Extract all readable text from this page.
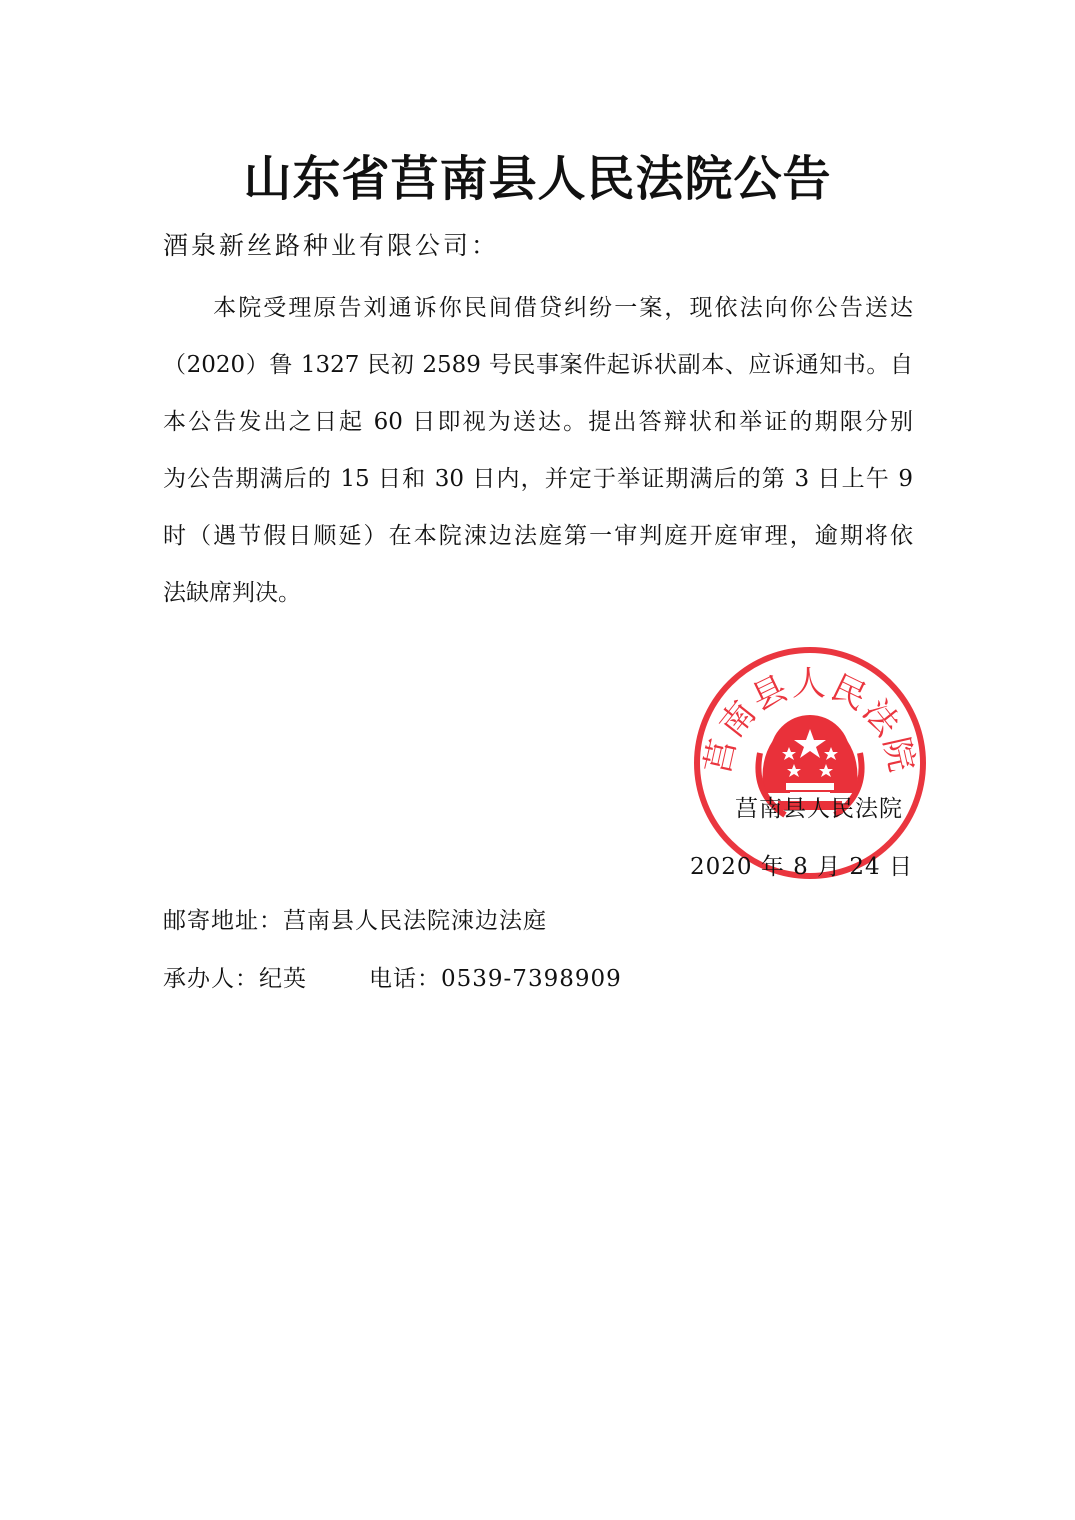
山东省莒南县人民法院公告
酒泉新丝路种业有限公司：
　　本院受理原告刘通诉你民间借贷纠纷一案，现依法向你公告送达
（2020）鲁 1327 民初 2589 号民事案件起诉状副本、应诉通知书。自
本公告发出之日起 60 日即视为送达。提出答辩状和举证的期限分别
为公告期满后的 15 日和 30 日内，并定于举证期满后的第 3 日上午 9
时（遇节假日顺延）在本院涑边法庭第一审判庭开庭审理，逾期将依
法缺席判决。
莒南县人民法院
莒南县人民法院
2020 年 8 月 24 日
邮寄地址：莒南县人民法院涑边法庭
承办人：纪英	电话：0539-7398909
